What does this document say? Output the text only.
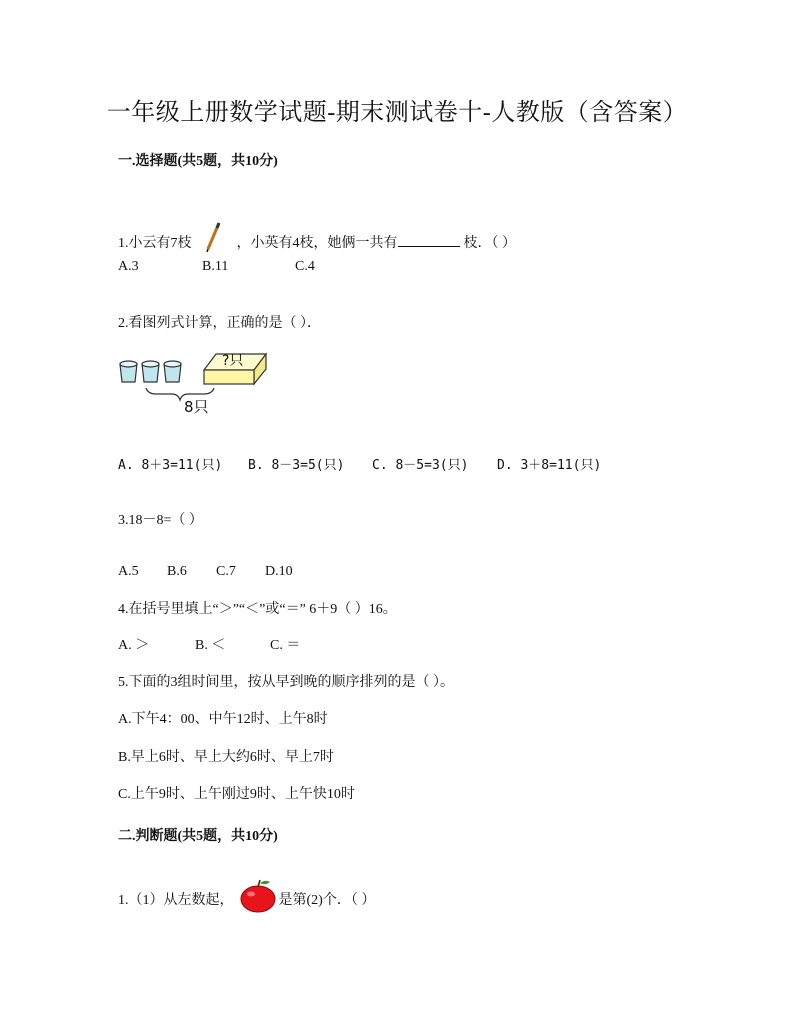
一年级上册数学试题-期末测试卷十-人教版（含答案）
一.选择题(共5题，共10分)
1.小云有7枝	，小英有4枝，她俩一共有	枝．（ ）
A.3	B.11	C.4
2.看图列式计算，正确的是（ ）．
?只
8只
A. 8＋3=11(只) B. 8－3=5(只) C. 8－5=3(只) D. 3＋8=11(只)
3.18－8=（ ）
A.5 B.6 C.7 D.10
4.在括号里填上“＞”“＜”或“＝” 6＋9（ ）16。
A. ＞	B. ＜	C. ＝
5.下面的3组时间里，按从早到晚的顺序排列的是（ ）。
A.下午4：00、中午12时、上午8时
B.早上6时、早上大约6时、早上7时
C.上午9时、上午刚过9时、上午快10时
二.判断题(共5题，共10分)
1.（1）从左数起，	是第(2)个．（ ）
